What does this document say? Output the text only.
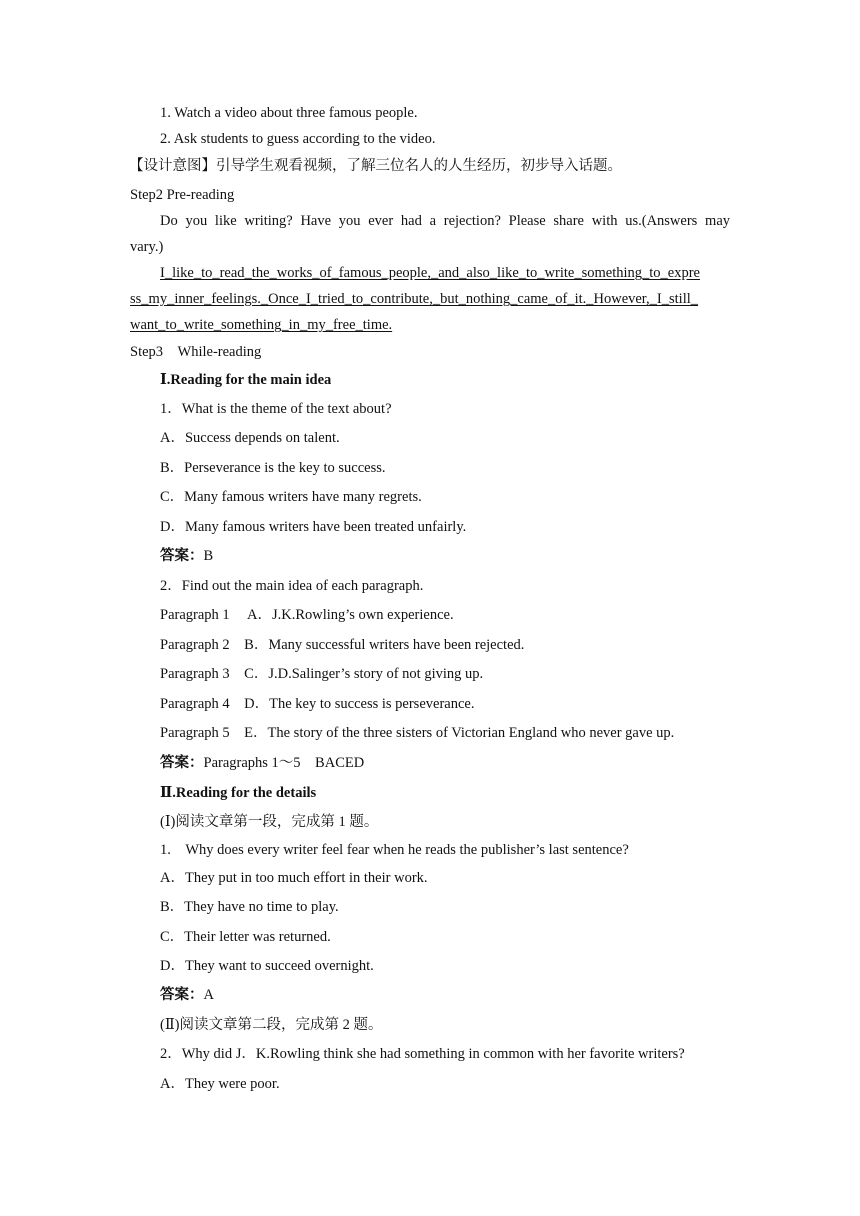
1. Watch a video about three famous people.
2. Ask students to guess according to the video.
【设计意图】引导学生观看视频，了解三位名人的人生经历，初步导入话题。
Step2 Pre-reading
Do you like writing? Have you ever had a rejection? Please share with us.(Answers may
vary.)
I_like_to_read_the_works_of_famous_people,_and_also_like_to_write_something_to_expre
ss_my_inner_feelings._Once_I_tried_to_contribute,_but_nothing_came_of_it._However,_I_still_
want_to_write_something_in_my_free_time.
Step3　While-reading
Ⅰ.Reading for the main idea
1．What is the theme of the text about?
A．Success depends on talent.
B．Perseverance is the key to success.
C．Many famous writers have many regrets.
D．Many famous writers have been treated unfairly.
答案：B
2．Find out the main idea of each paragraph.
Paragraph 1　 A．J.K.Rowling’s own experience.
Paragraph 2　B．Many successful writers have been rejected.
Paragraph 3　C．J.D.Salinger’s story of not giving up.
Paragraph 4　D．The key to success is perseverance.
Paragraph 5　E．The story of the three sisters of Victorian England who never gave up.
答案：Paragraphs 1～5　BACED
Ⅱ.Reading for the details
(Ⅰ)阅读文章第一段，完成第 1 题。
1.　Why does every writer feel fear when he reads the publisher’s last sentence?
A．They put in too much effort in their work.
B．They have no time to play.
C．Their letter was returned.
D．They want to succeed overnight.
答案：A
(Ⅱ)阅读文章第二段，完成第 2 题。
2．Why did J．K.Rowling think she had something in common with her favorite writers?
A．They were poor.
